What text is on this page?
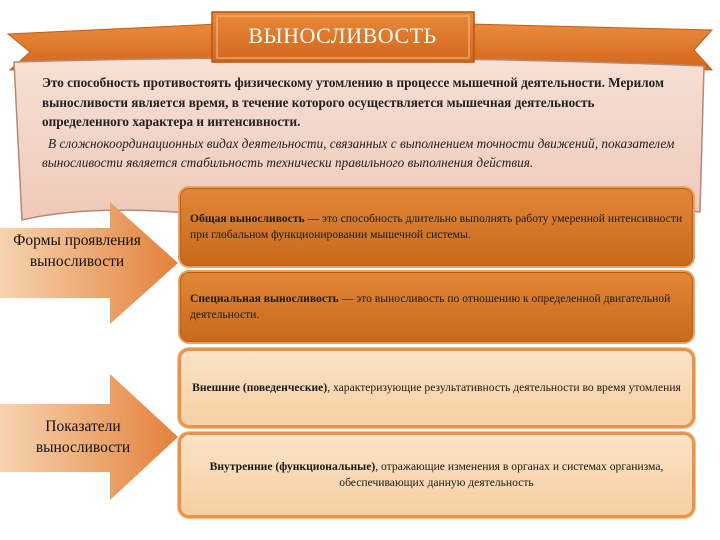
ВЫНОСЛИВОСТЬ
Это способность противостоять физическому утомлению в процессе мышечной деятельности. Мерилом выносливости является время, в течение которого осуществляется мышечная деятельность определенного характера и интенсивности.
В сложнокоординационных видах деятельности, связанных с выполнением точности движений, показателем выносливости является стабильность технически правильного выполнения действия.
Формы проявления выносливости
Показатели выносливости
Общая выносливость — это способность длительно выполнять работу умеренной интенсивности при глобальном функционировании мышечной системы.
Специальная выносливость — это выносливость по отношению к определенной двигательной деятельности.
Внешние (поведенческие), характеризующие результативность деятельности во время утомления
Внутренние (функциональные), отражающие изменения в органах и системах организма, обеспечивающих данную деятельность
